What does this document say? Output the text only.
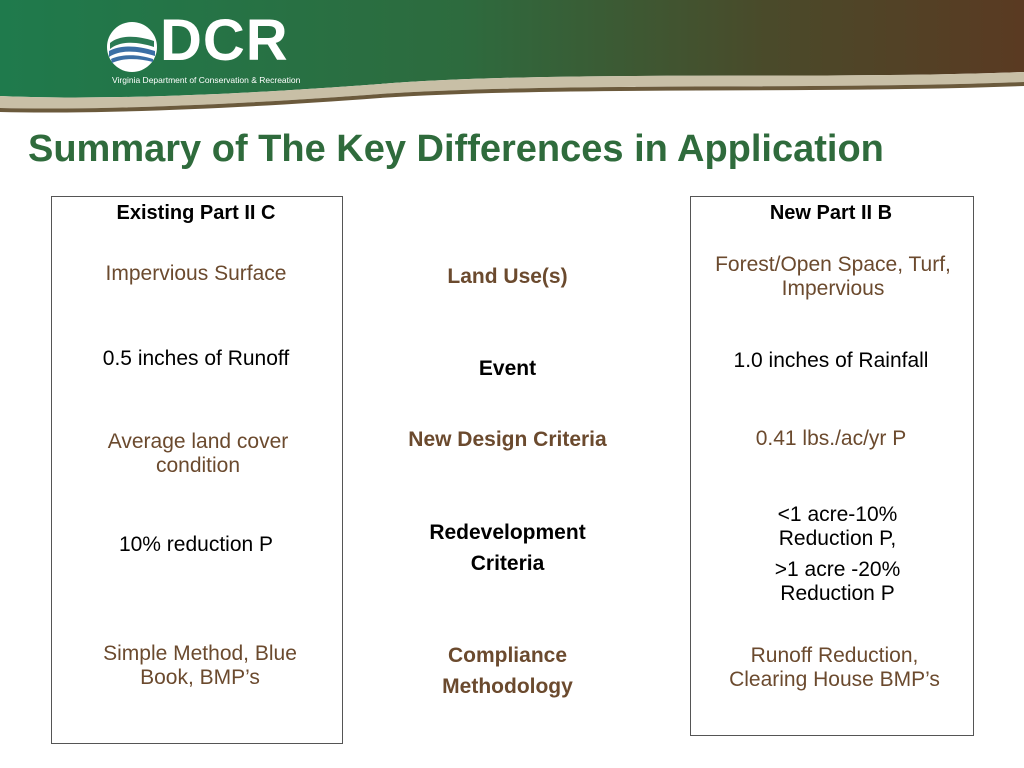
DCR
Virginia Department of Conservation & Recreation
Summary of The Key Differences in Application
Existing Part II C
Impervious Surface
0.5 inches of Runoff
Average land cover condition
10% reduction P
Simple Method, Blue Book, BMP’s
Land Use(s)
Event
New Design Criteria
Redevelopment Criteria
Compliance Methodology
New Part II B
Forest/Open Space, Turf, Impervious
1.0 inches of Rainfall
0.41 lbs./ac/yr P
<1 acre-10% Reduction P,
>1 acre -20% Reduction P
Runoff Reduction, Clearing House BMP’s
